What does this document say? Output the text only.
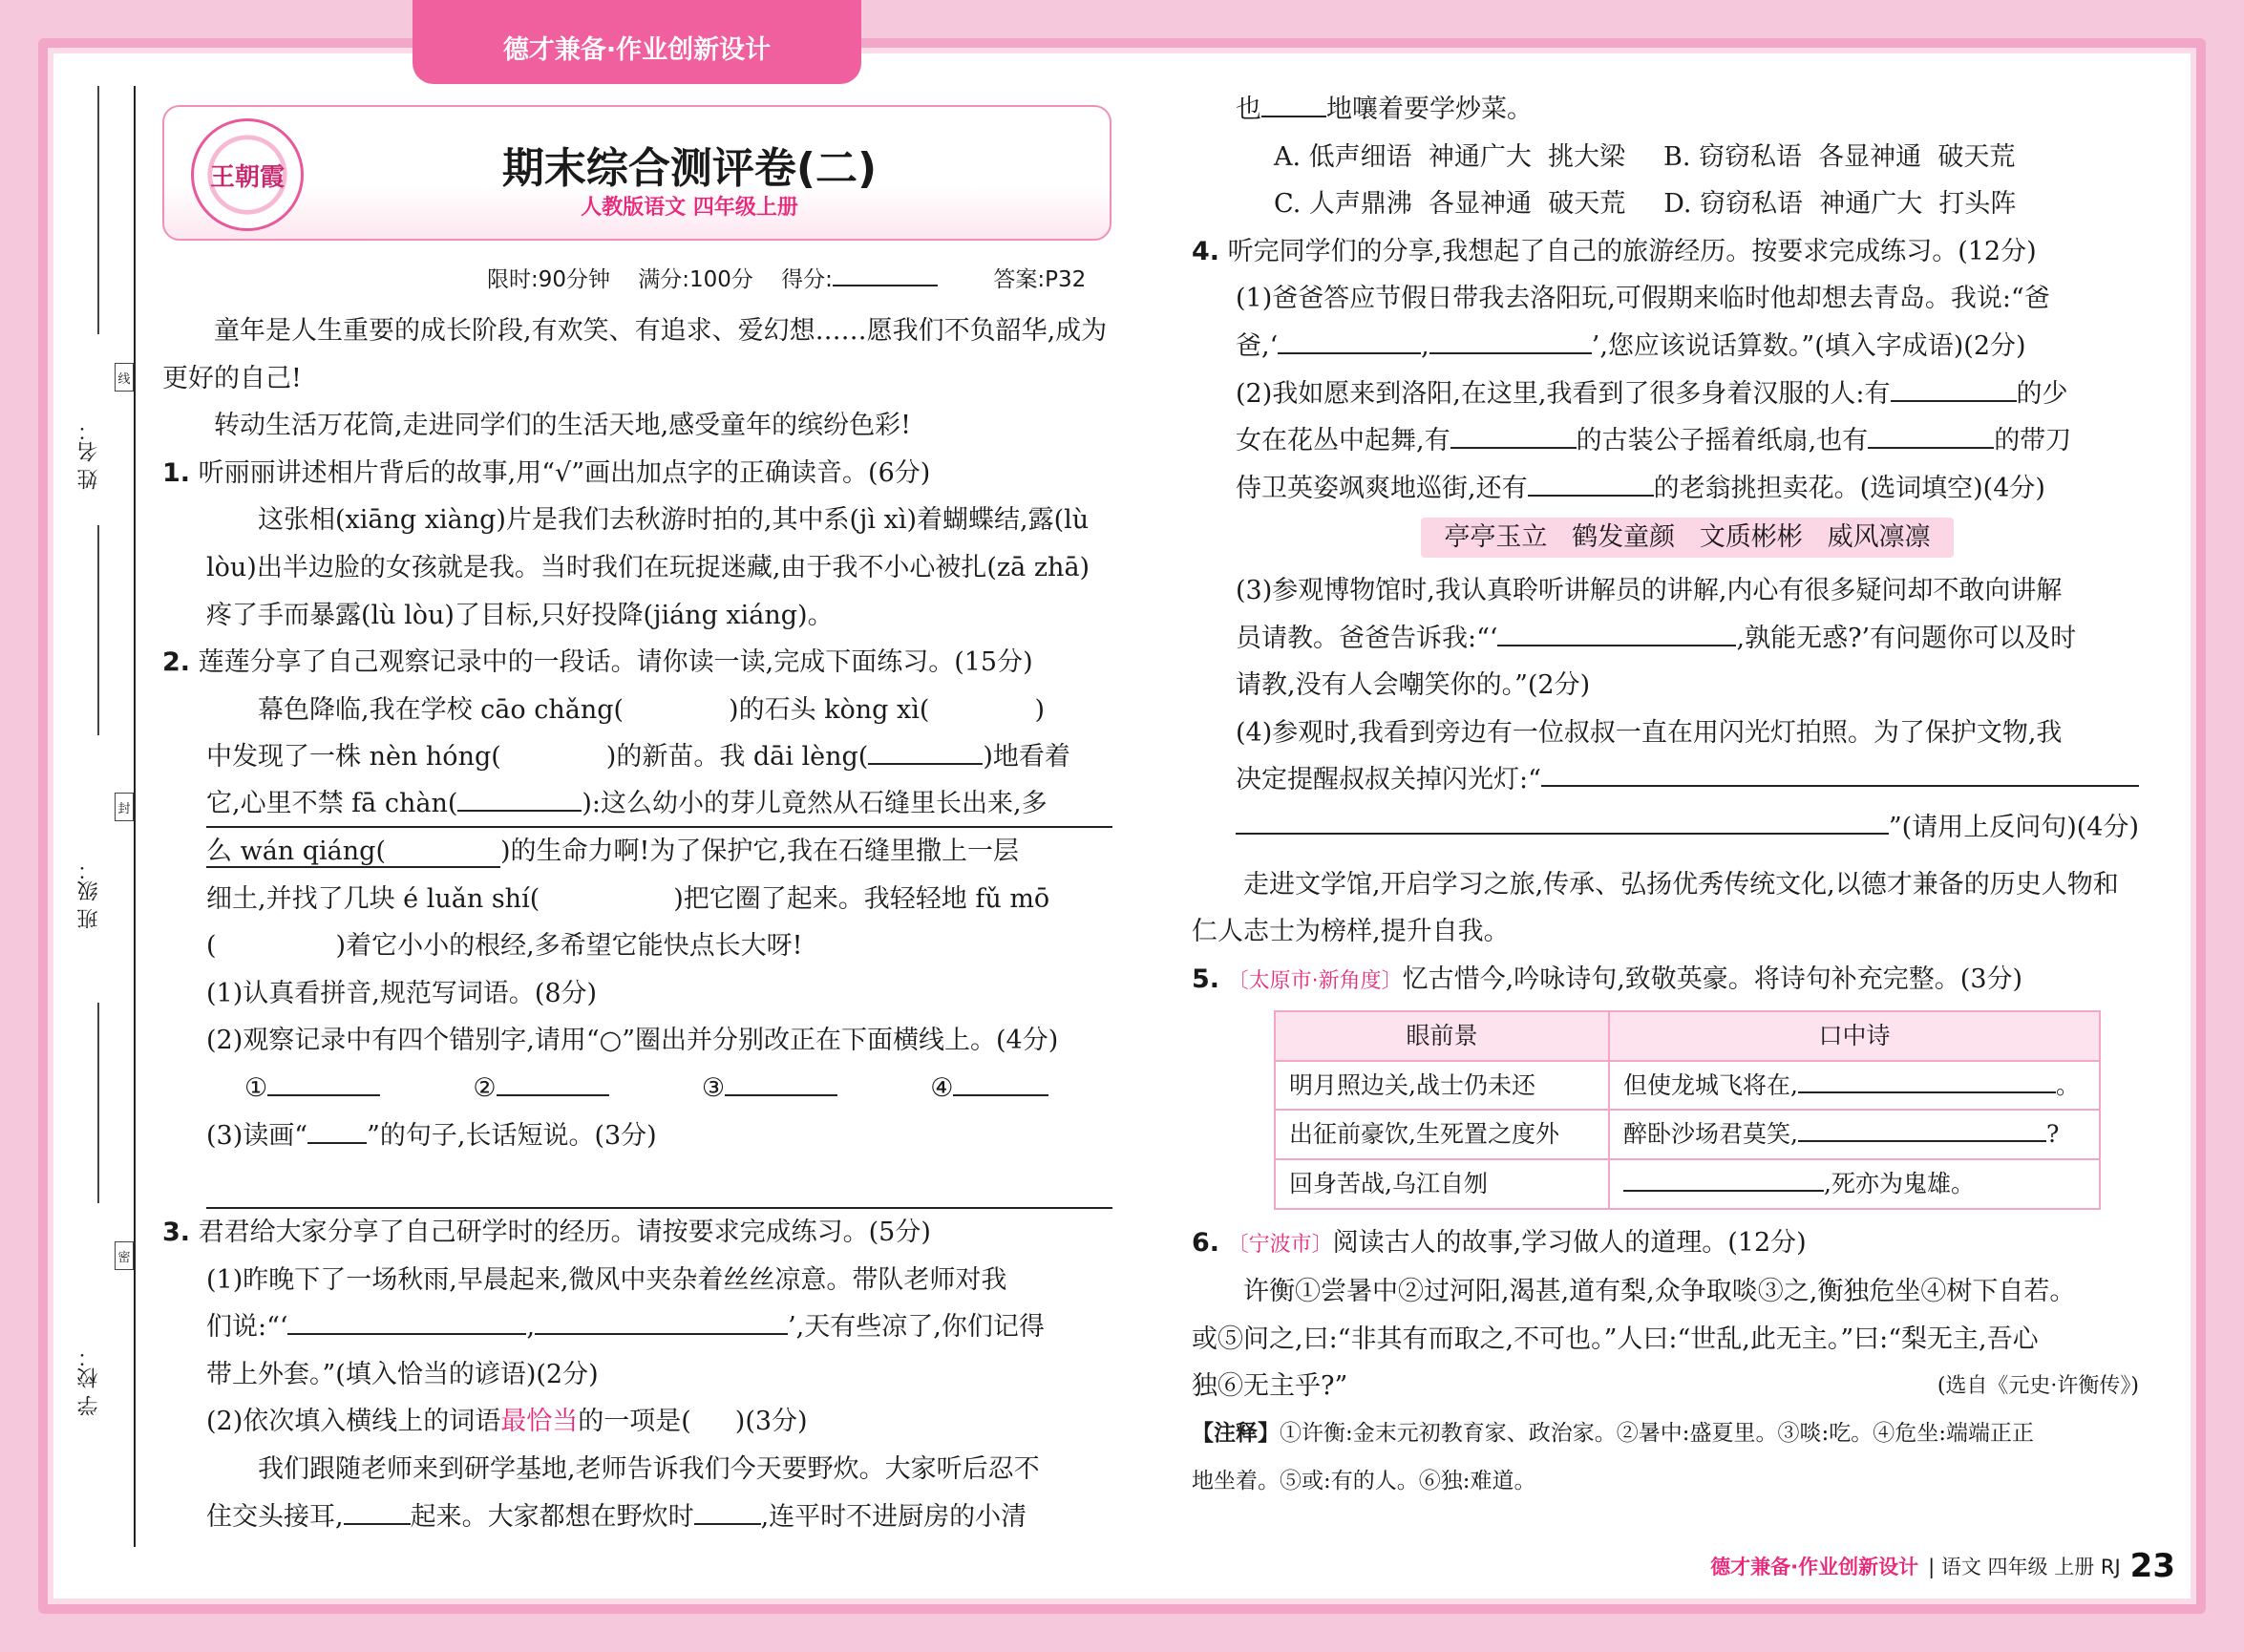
德才兼备·作业创新设计
姓 名：
线
封
班 级：
密
学 校：
王朝霞	期末综合测评卷(二)
人教版语文 四年级上册
限时:90分钟 满分:100分 得分:	答案:P32

童年是人生重要的成长阶段,有欢笑、有追求、爱幻想……愿我们不负韶华,成为更好的自己!

转动生活万花筒,走进同学们的生活天地,感受童年的缤纷色彩!

1. 听丽丽讲述相片背后的故事,用“√”画出加点字的正确读音。(6分)

这张相(xiāng xiàng)片是我们去秋游时拍的,其中系(jì xì)着蝴蝶结,露(lù lòu)出半边脸的女孩就是我。当时我们在玩捉迷藏,由于我不小心被扎(zā zhā)疼了手而暴露(lù lòu)了目标,只好投降(jiáng xiáng)。

2. 莲莲分享了自己观察记录中的一段话。请你读一读,完成下面练习。(15分)

幕色降临,我在学校 cāo chǎng(	)的石头 kòng xì(	)

中发现了一株 nèn hóng(	)的新苗。我 dāi lèng(	)地看着

它,心里不禁 fā chàn(	):这么幼小的芽儿竟然从石缝里长出来,多

么 wán qiáng(	)的生命力啊!为了保护它,我在石缝里撒上一层

细土,并找了几块 é luǎn shí(	)把它圈了起来。我轻轻地 fǔ mō

(	)着它小小的根经,多希望它能快点长大呀!

(1)认真看拼音,规范写词语。(8分)

(2)观察记录中有四个错别字,请用“○”圈出并分别改正在下面横线上。(4分)

①	②	③	④

(3)读画“ ”的句子,长话短说。(3分)

3. 君君给大家分享了自己研学时的经历。请按要求完成练习。(5分)

(1)昨晚下了一场秋雨,早晨起来,微风中夹杂着丝丝凉意。带队老师对我

们说:“‘	,	’,天有些凉了,你们记得

带上外套。”(填入恰当的谚语)(2分)

(2)依次填入横线上的词语最恰当的一项是( )(3分)

我们跟随老师来到研学基地,老师告诉我们今天要野炊。大家听后忍不

住交头接耳,	起来。大家都想在野炊时	,连平时不进厨房的小清

也	地嚷着要学炒菜。

A. 低声细语  神通广大  挑大梁 B. 窃窃私语  各显神通  破天荒

C. 人声鼎沸  各显神通  破天荒 D. 窃窃私语  神通广大  打头阵

4. 听完同学们的分享,我想起了自己的旅游经历。按要求完成练习。(12分)

(1)爸爸答应节假日带我去洛阳玩,可假期来临时他却想去青岛。我说:“爸

爸,‘	,	’,您应该说话算数。”(填入字成语)(2分)

(2)我如愿来到洛阳,在这里,我看到了很多身着汉服的人:有	的少

女在花丛中起舞,有	的古装公子摇着纸扇,也有	的带刀

侍卫英姿飒爽地巡街,还有	的老翁挑担卖花。(选词填空)(4分)

亭亭玉立   鹤发童颜   文质彬彬   威风凛凛

(3)参观博物馆时,我认真聆听讲解员的讲解,内心有很多疑问却不敢向讲解

员请教。爸爸告诉我:“‘	,孰能无惑?’有问题你可以及时

请教,没有人会嘲笑你的。”(2分)

(4)参观时,我看到旁边有一位叔叔一直在用闪光灯拍照。为了保护文物,我

决定提醒叔叔关掉闪光灯:“

”(请用上反问句)(4分)

走进文学馆,开启学习之旅,传承、弘扬优秀传统文化,以德才兼备的历史人物和仁人志士为榜样,提升自我。

5. 〔太原市·新角度〕忆古惜今,吟咏诗句,致敬英豪。将诗句补充完整。(3分)

眼前景	口中诗
明月照边关,战士仍未还	但使龙城飞将在, 。
出征前豪饮,生死置之度外	醉卧沙场君莫笑, ?
回身苦战,乌江自刎	,死亦为鬼雄。

6. 〔宁波市〕阅读古人的故事,学习做人的道理。(12分)

许衡①尝暑中②过河阳,渴甚,道有梨,众争取啖③之,衡独危坐④树下自若。

或⑤问之,曰:“非其有而取之,不可也。”人曰:“世乱,此无主。”曰:“梨无主,吾心

独⑥无主乎?”	(选自《元史·许衡传》)

【注释】①许衡:金末元初教育家、政治家。②暑中:盛夏里。③啖:吃。④危坐:端端正正

地坐着。⑤或:有的人。⑥独:难道。

德才兼备·作业创新设计 | 语文 四年级 上册 RJ 23
